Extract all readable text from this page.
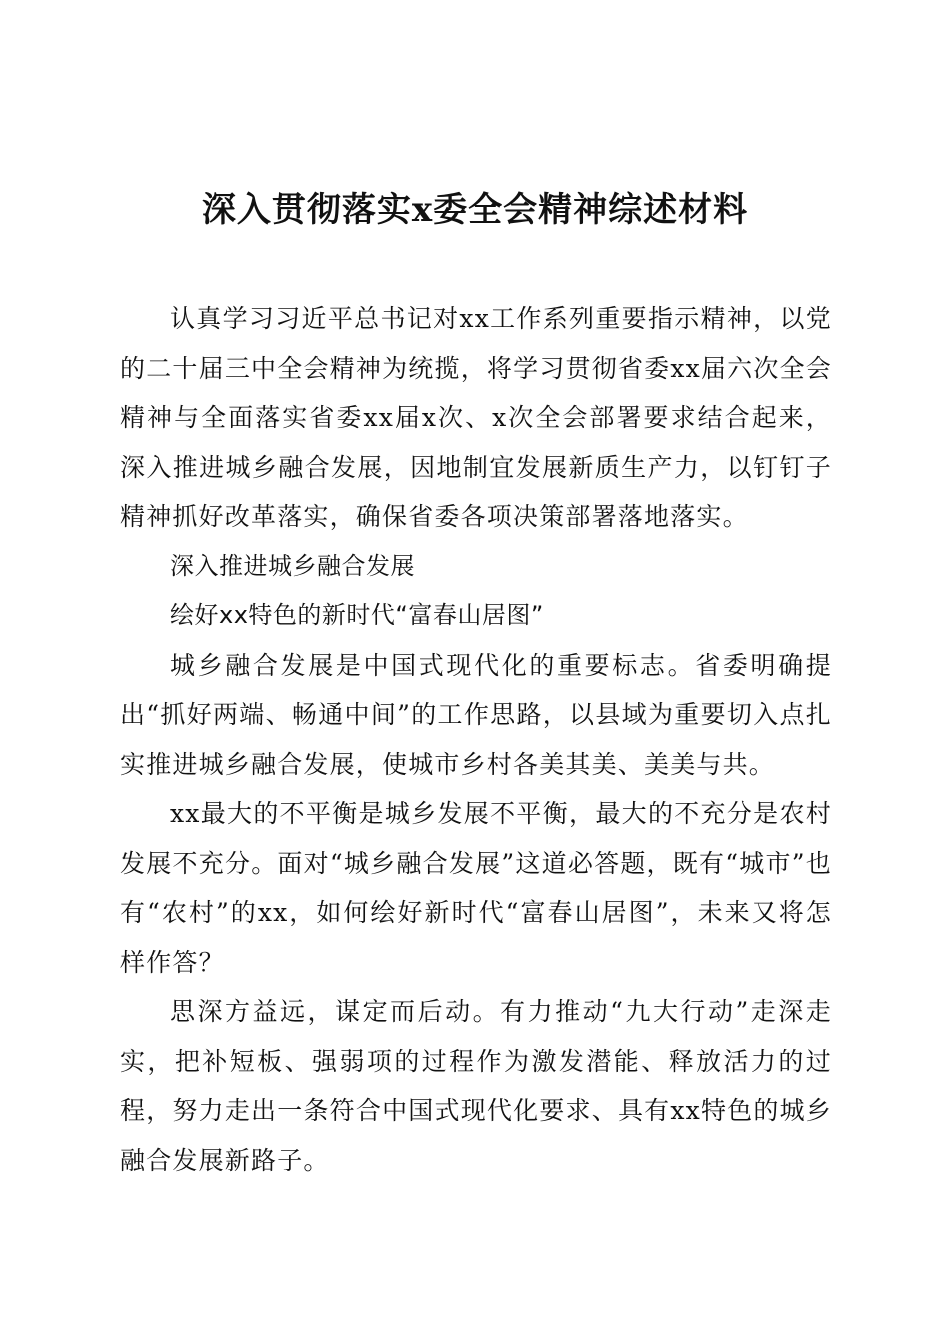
深入贯彻落实x委全会精神综述材料

认真学习习近平总书记对xx工作系列重要指示精神，以党的二十届三中全会精神为统揽，将学习贯彻省委xx届六次全会精神与全面落实省委xx届x次、x次全会部署要求结合起来，深入推进城乡融合发展，因地制宜发展新质生产力，以钉钉子精神抓好改革落实，确保省委各项决策部署落地落实。

深入推进城乡融合发展

绘好xx特色的新时代“富春山居图”

城乡融合发展是中国式现代化的重要标志。省委明确提出“抓好两端、畅通中间”的工作思路，以县域为重要切入点扎实推进城乡融合发展，使城市乡村各美其美、美美与共。

xx最大的不平衡是城乡发展不平衡，最大的不充分是农村发展不充分。面对“城乡融合发展”这道必答题，既有“城市”也有“农村”的xx，如何绘好新时代“富春山居图”，未来又将怎样作答？

思深方益远，谋定而后动。有力推动“九大行动”走深走实，把补短板、强弱项的过程作为激发潜能、释放活力的过程，努力走出一条符合中国式现代化要求、具有xx特色的城乡融合发展新路子。
